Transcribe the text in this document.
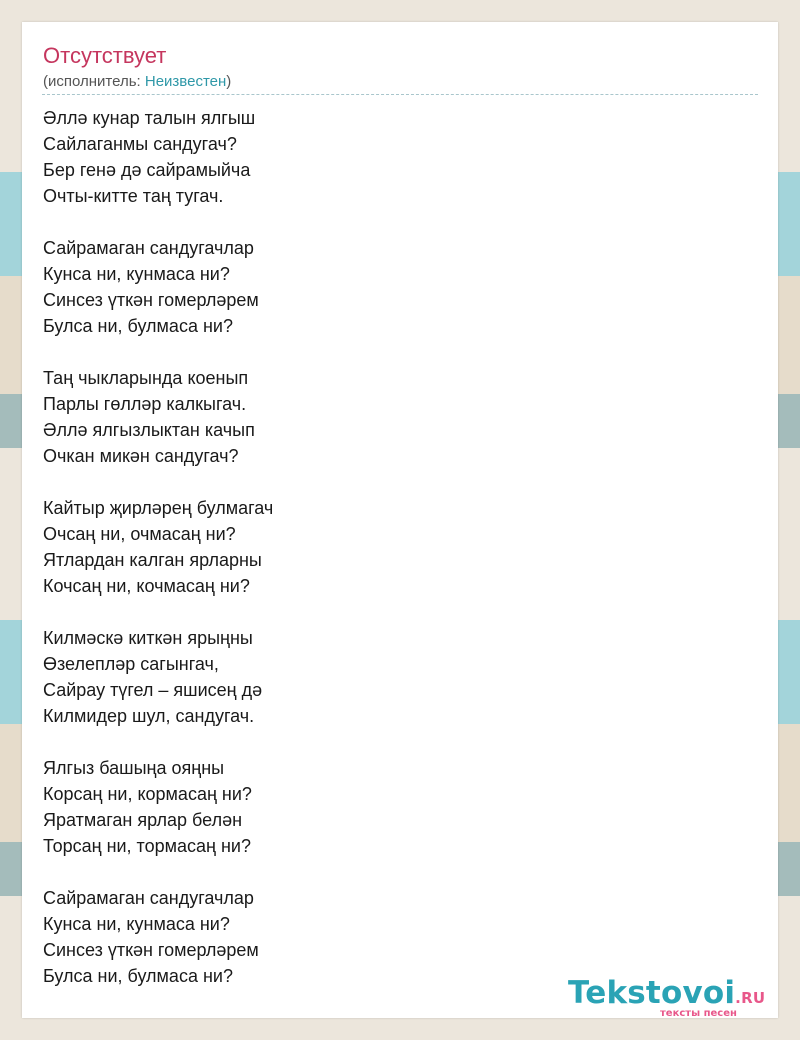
Отсутствует
(исполнитель: Неизвестен)
Әллә кунар талын ялгыш
Сайлаганмы сандугач?
Бер генә дә сайрамыйча
Очты-китте таң тугач.
Сайрамаган сандугачлар
Кунса ни, кунмаса ни?
Синсез үткән гомерләрем
Булса ни, булмаса ни?
Таң чыкларында коенып
Парлы гөлләр калкыгач.
Әллә ялгызлыктан качып
Очкан микән сандугач?
Кайтыр җирләрең булмагач
Очсаң ни, очмасаң ни?
Ятлардан калган ярларны
Кочсаң ни, кочмасаң ни?
Килмәскә киткән ярыңны
Өзелепләр сагынгач,
Сайрау түгел – яшисең дә
Килмидер шул, сандугач.
Ялгыз башыңа ояңны
Корсаң ни, кормасаң ни?
Яратмаган ярлар белән
Торсаң ни, тормасаң ни?
Сайрамаган сандугачлар
Кунса ни, кунмаса ни?
Синсез үткән гомерләрем
Булса ни, булмаса ни?	Tekstovoi.RU
тексты песен
